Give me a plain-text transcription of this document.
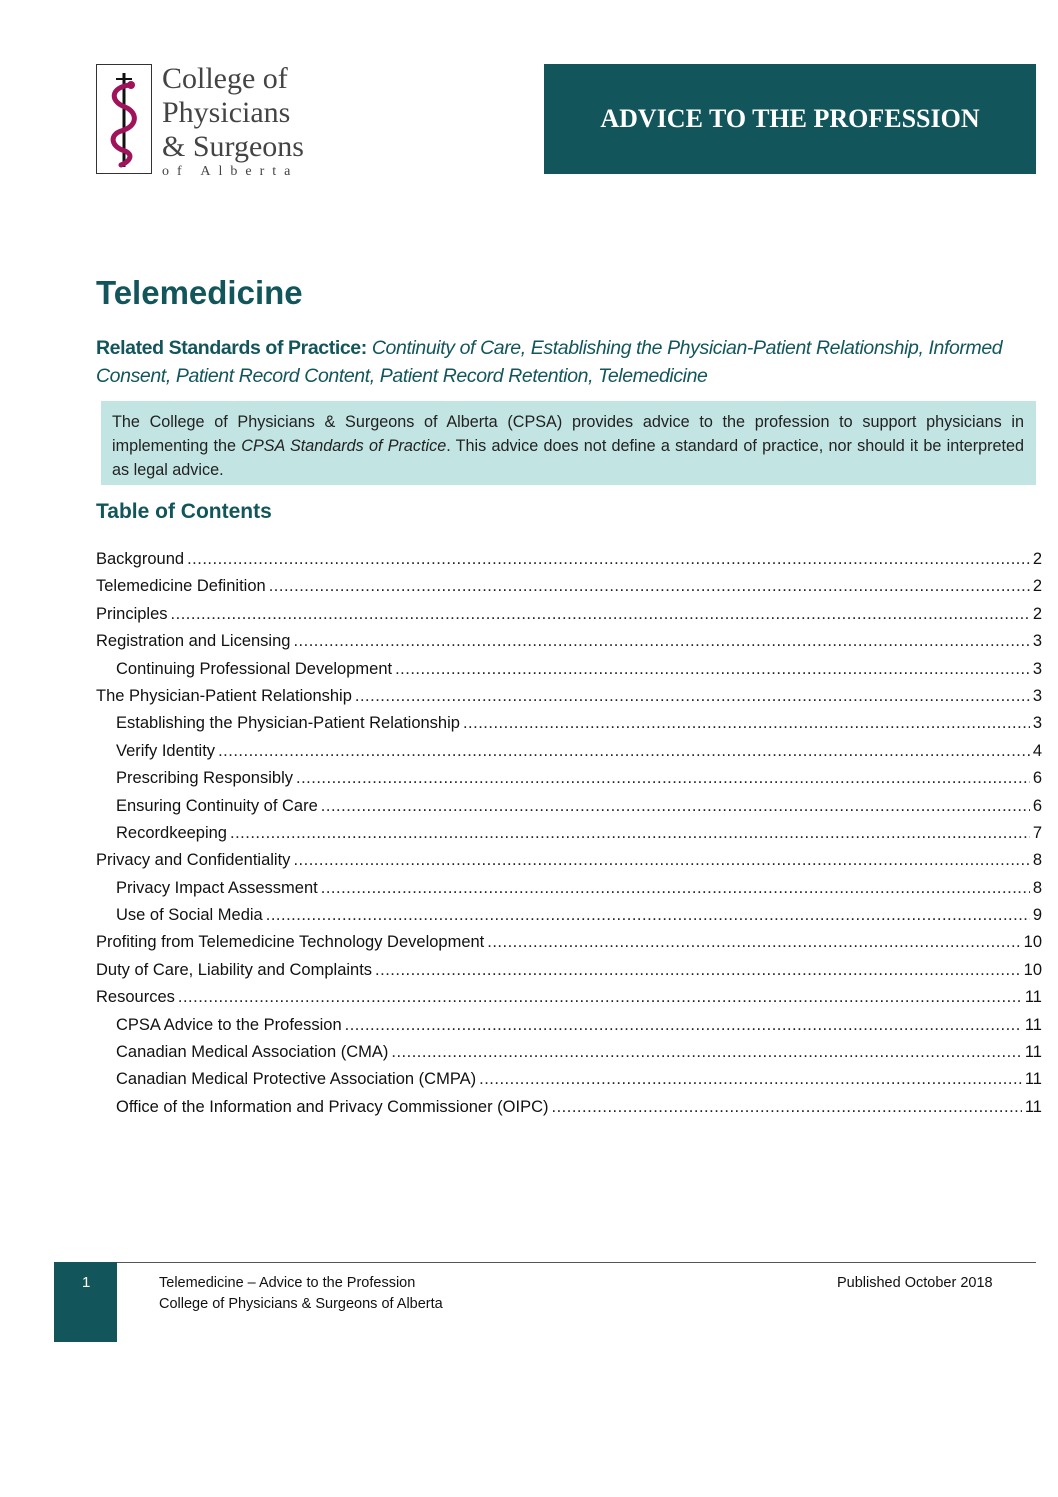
College of
Physicians
& Surgeons
of Alberta
ADVICE TO THE PROFESSION
Telemedicine
Related Standards of Practice: Continuity of Care, Establishing the Physician-Patient Relationship, Informed Consent, Patient Record Content, Patient Record Retention, Telemedicine
The College of Physicians & Surgeons of Alberta (CPSA) provides advice to the profession to support physicians in implementing the CPSA Standards of Practice. This advice does not define a standard of practice, nor should it be interpreted as legal advice.
Table of Contents
Background .....	2
Telemedicine Definition .....	2
Principles .....	2
Registration and Licensing .....	3
Continuing Professional Development .....	3
The Physician-Patient Relationship .....	3
Establishing the Physician-Patient Relationship .....	3
Verify Identity .....	4
Prescribing Responsibly .....	6
Ensuring Continuity of Care .....	6
Recordkeeping .....	7
Privacy and Confidentiality .....	8
Privacy Impact Assessment .....	8
Use of Social Media .....	9
Profiting from Telemedicine Technology Development .....	10
Duty of Care, Liability and Complaints .....	10
Resources .....	11
CPSA Advice to the Profession .....	11
Canadian Medical Association (CMA) .....	11
Canadian Medical Protective Association (CMPA) .....	11
Office of the Information and Privacy Commissioner (OIPC) .....	11
1	Telemedicine – Advice to the Profession
College of Physicians & Surgeons of Alberta
Published October 2018
